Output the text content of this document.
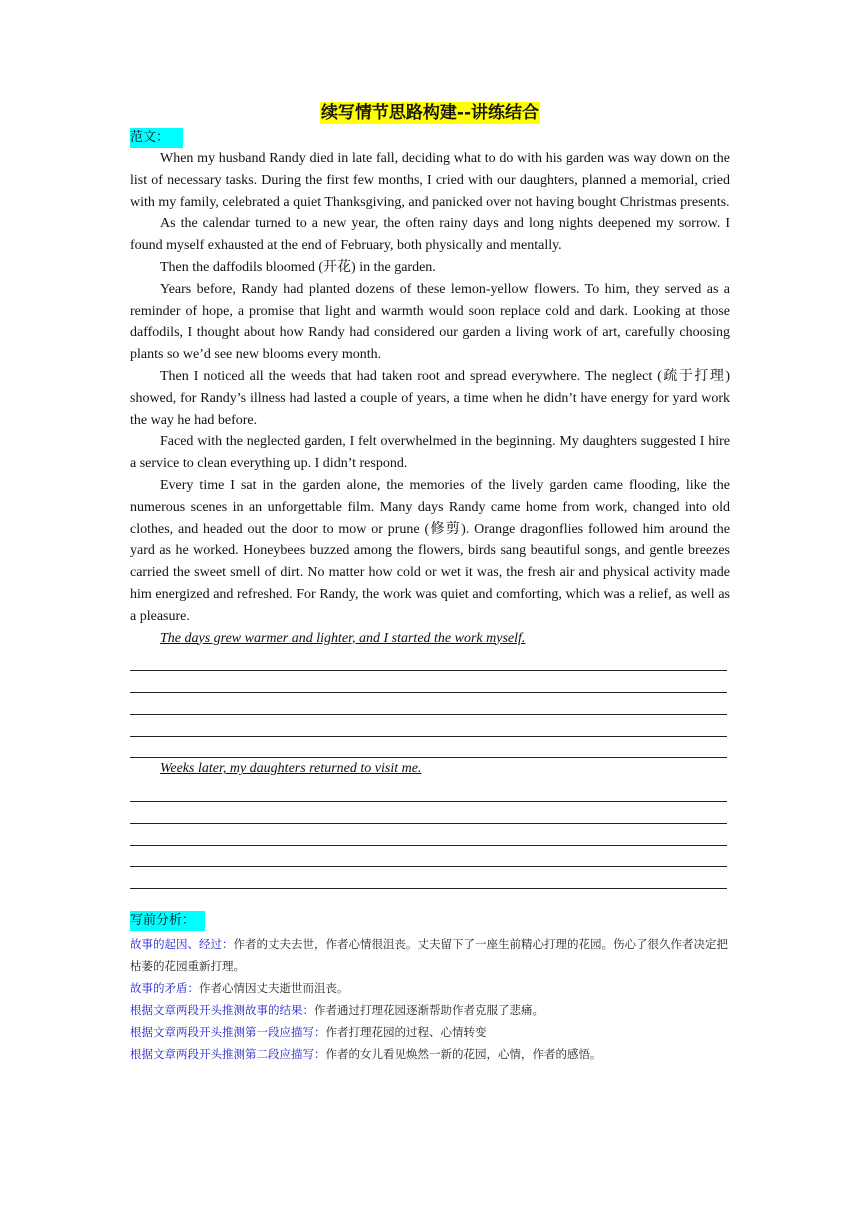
续写情节思路构建--讲练结合
范文：

When my husband Randy died in late fall, deciding what to do with his garden was way down on the list of necessary tasks. During the first few months, I cried with our daughters, planned a memorial, cried with my family, celebrated a quiet Thanksgiving, and panicked over not having bought Christmas presents.

As the calendar turned to a new year, the often rainy days and long nights deepened my sorrow. I found myself exhausted at the end of February, both physically and mentally.

Then the daffodils bloomed (开花) in the garden.

Years before, Randy had planted dozens of these lemon-yellow flowers. To him, they served as a reminder of hope, a promise that light and warmth would soon replace cold and dark. Looking at those daffodils, I thought about how Randy had considered our garden a living work of art, carefully choosing plants so we’d see new blooms every month.

Then I noticed all the weeds that had taken root and spread everywhere. The neglect (疏于打理) showed, for Randy’s illness had lasted a couple of years, a time when he didn’t have energy for yard work the way he had before.

Faced with the neglected garden, I felt overwhelmed in the beginning. My daughters suggested I hire a service to clean everything up. I didn’t respond.

Every time I sat in the garden alone, the memories of the lively garden came flooding, like the numerous scenes in an unforgettable film. Many days Randy came home from work, changed into old clothes, and headed out the door to mow or prune (修剪). Orange dragonflies followed him around the yard as he worked. Honeybees buzzed among the flowers, birds sang beautiful songs, and gentle breezes carried the sweet smell of dirt. No matter how cold or wet it was, the fresh air and physical activity made him energized and refreshed. For Randy, the work was quiet and comforting, which was a relief, as well as a pleasure.

The days grew warmer and lighter, and I started the work myself.

Weeks later, my daughters returned to visit me.

写前分析：

故事的起因、经过：作者的丈夫去世，作者心情很沮丧。丈夫留下了一座生前精心打理的花园。伤心了很久作者决定把枯萎的花园重新打理。

故事的矛盾：作者心情因丈夫逝世而沮丧。

根据文章两段开头推测故事的结果：作者通过打理花园逐渐帮助作者克服了悲痛。

根据文章两段开头推测第一段应描写：作者打理花园的过程、心情转变

根据文章两段开头推测第二段应描写：作者的女儿看见焕然一新的花园，心情，作者的感悟。
